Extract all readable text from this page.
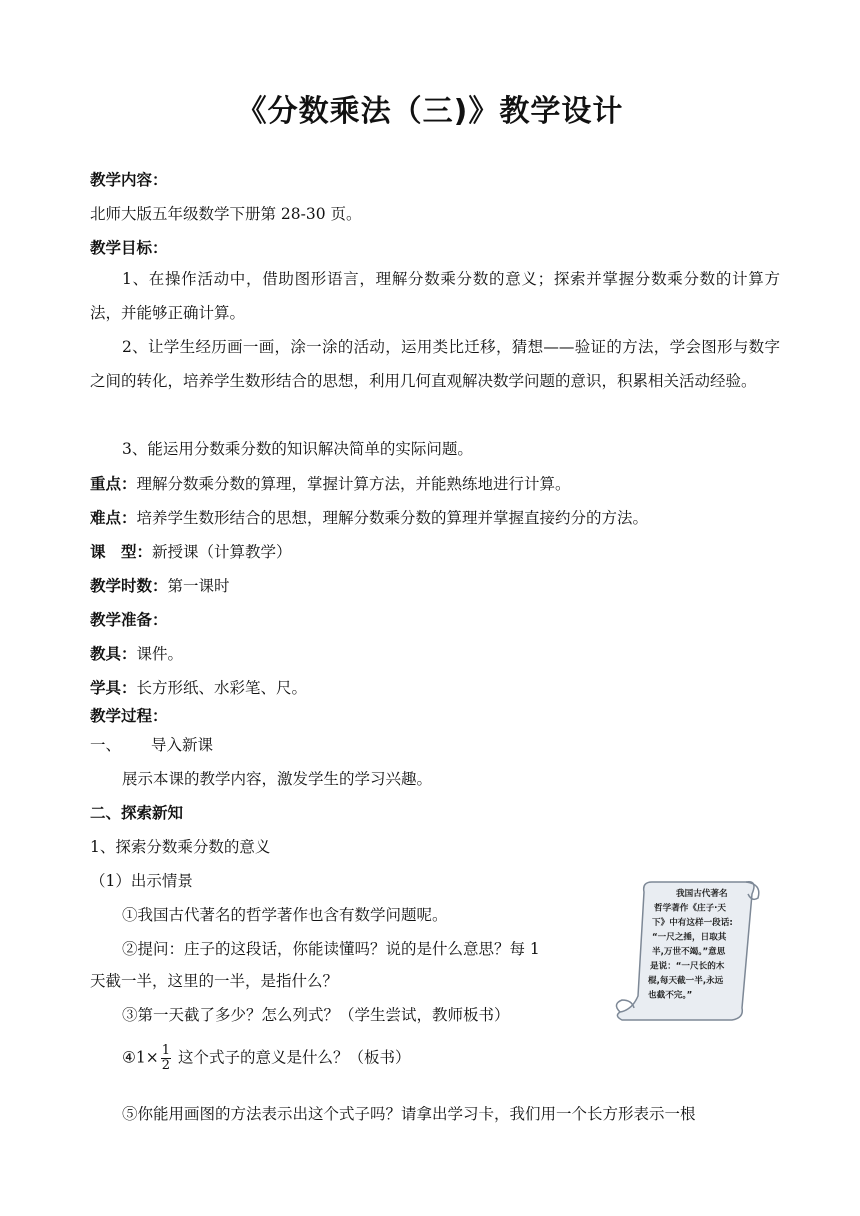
《分数乘法（三)》教学设计
教学内容：
北师大版五年级数学下册第 28-30 页。
教学目标：
1、在操作活动中，借助图形语言，理解分数乘分数的意义；探索并掌握分数乘分数的计算方法，并能够正确计算。
2、让学生经历画一画，涂一涂的活动，运用类比迁移，猜想——验证的方法，学会图形与数字之间的转化，培养学生数形结合的思想，利用几何直观解决数学问题的意识，积累相关活动经验。
3、能运用分数乘分数的知识解决简单的实际问题。
重点：理解分数乘分数的算理，掌握计算方法，并能熟练地进行计算。
难点：培养学生数形结合的思想，理解分数乘分数的算理并掌握直接约分的方法。
课　型：新授课（计算教学）
教学时数：第一课时
教学准备：
教具：课件。
学具：长方形纸、水彩笔、尺。
教学过程：
一、 导入新课
展示本课的教学内容，激发学生的学习兴趣。
二、探索新知
1、探索分数乘分数的意义
（1）出示情景
①我国古代著名的哲学著作也含有数学问题呢。
②提问：庄子的这段话，你能读懂吗？说的是什么意思？每 1
天截一半，这里的一半，是指什么？
③第一天截了多少？怎么列式？（学生尝试，教师板书）
④1× $\frac{1}{2}$ 这个式子的意义是什么？（板书）
⑤你能用画图的方法表示出这个式子吗？请拿出学习卡，我们用一个长方形表示一根
我国古代著名
哲学著作《庄子·天
下》中有这样一段话:
“一尺之捶，日取其
半,万世不竭。”意思
是说：“一尺长的木
棍,每天截一半,永远
也截不完。”
